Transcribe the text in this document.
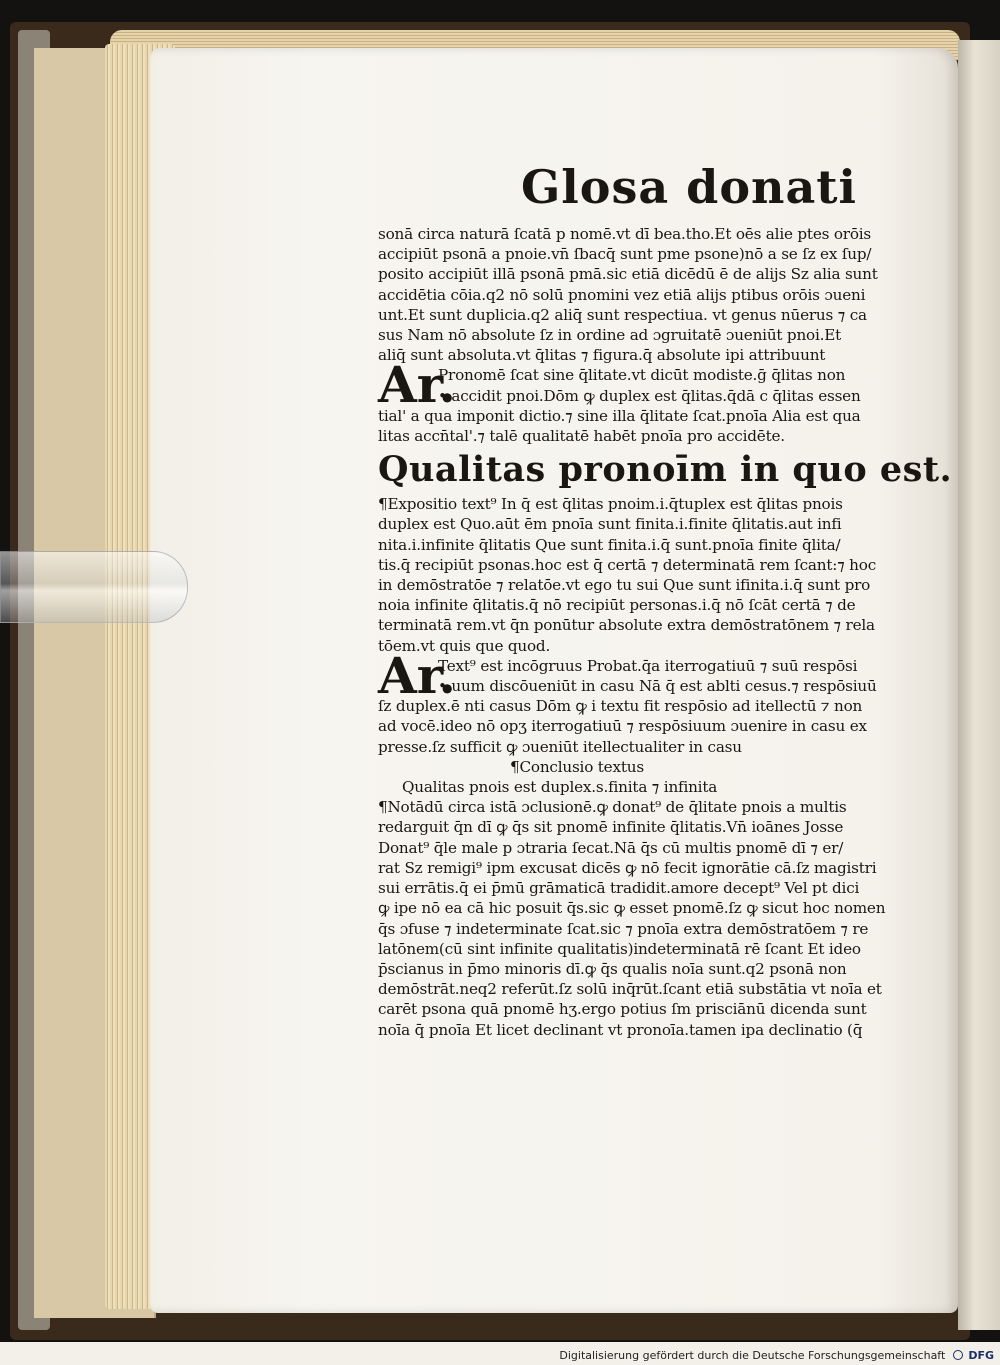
Glosa donati
sonā circa naturā ſcatā p nomē.vt dī bea.tho.Et oēs alie ptes orōis
accipiūt psonā a pnoie.vn̄ ſbacq̄ sunt pme psone)nō a se ſz ex ſup/
posito accipiūt illā psonā pmā.sic etiā dicēdū ē de alijs Sz alia sunt
accidētia cōia.q2 nō solū pnomini vez etiā alijs ptibus orōis ɔueni
unt.Et sunt duplicia.q2 aliq̄ sunt respectiua. vt genus nūerus ⁊ ca
sus Nam nō absolute ſz in ordine ad ɔgruitatē ɔueniūt pnoi.Et
aliq̄ sunt absoluta.vt q̄litas ⁊ figura.q̄ absolute ipi attribuunt
Ar.
Pronomē ſcat sine q̄litate.vt dicūt modiste.ḡ q̄litas non
• accidit pnoi.Dōm ꝙ duplex est q̄litas.q̄dā c q̄litas essen
tial' a qua imponit dictio.⁊ sine illa q̄litate ſcat.pnoīa Alia est qua
litas accn̄tal'.⁊ talē qualitatē habēt pnoīa pro accidēte.
Qualitas pronoīm in quo est.
¶Expositio text⁹ In q̄ est q̄litas pnoim.i.q̄tuplex est q̄litas pnois
duplex est Quo.aūt ēm pnoīa sunt finita.i.finite q̄litatis.aut infi
nita.i.infinite q̄litatis Que sunt finita.i.q̄ sunt.pnoīa finite q̄lita/
tis.q̄ recipiūt psonas.hoc est q̄ certā ⁊ determinatā rem ſcant:⁊ hoc
in demōstratōe ⁊ relatōe.vt ego tu sui Que sunt ifinita.i.q̄ sunt pro
noia infinite q̄litatis.q̄ nō recipiūt personas.i.q̄ nō ſcāt certā ⁊ de
terminatā rem.vt q̄n ponūtur absolute extra demōstratōnem ⁊ rela
tōem.vt quis que quod.
Ar.
Text⁹ est incōgruus Probat.q̄a iterrogatiuū ⁊ suū respōsi
• uum discōueniūt in casu Nā q̄ est ablti cesus.⁊ respōsiuū
ſz duplex.ē nti casus Dōm ꝙ i textu fit respōsio ad itellectū ⁊ non
ad vocē.ideo nō opʒ iterrogatiuū ⁊ respōsiuum ɔuenire in casu ex
presse.ſz sufficit ꝙ ɔueniūt itellectualiter in casu
¶Conclusio textus
Qualitas pnois est duplex.s.finita ⁊ infinita
¶Notādū circa istā ɔclusionē.ꝙ donat⁹ de q̄litate pnois a multis
redarguit q̄n dī ꝙ q̄s sit pnomē infinite q̄litatis.Vn̄ ioānes Josse
Donat⁹ q̄le male p ɔtraria ſecat.Nā q̄s cū multis pnomē dī ⁊ er/
rat Sz remigi⁹ ipm excusat dicēs ꝙ nō fecit ignorātie cā.ſz magistri
sui errātis.q̄ ei p̄mū grāmaticā tradidit.amore decept⁹ Vel pt dici
ꝙ ipe nō ea cā hic posuit q̄s.sic ꝙ esset pnomē.ſz ꝙ sicut hoc nomen
q̄s ɔfuse ⁊ indeterminate ſcat.sic ⁊ pnoīa extra demōstratōem ⁊ re
latōnem(cū sint infinite qualitatis)indeterminatā rē ſcant Et ideo
p̄scianus in p̄mo minoris dī.ꝙ q̄s qualis noīa sunt.q2 psonā non
demōstrāt.neq2 referūt.ſz solū inq̄rūt.ſcant etiā substātia vt noīa et
carēt psona quā pnomē hʒ.ergo potius ſm prisciānū dicenda sunt
noīa q̄ pnoīa Et licet declinant vt pronoīa.tamen ipa declinatio (q̄
Digitalisierung gefördert durch die Deutsche Forschungsgemeinschaft DFG
